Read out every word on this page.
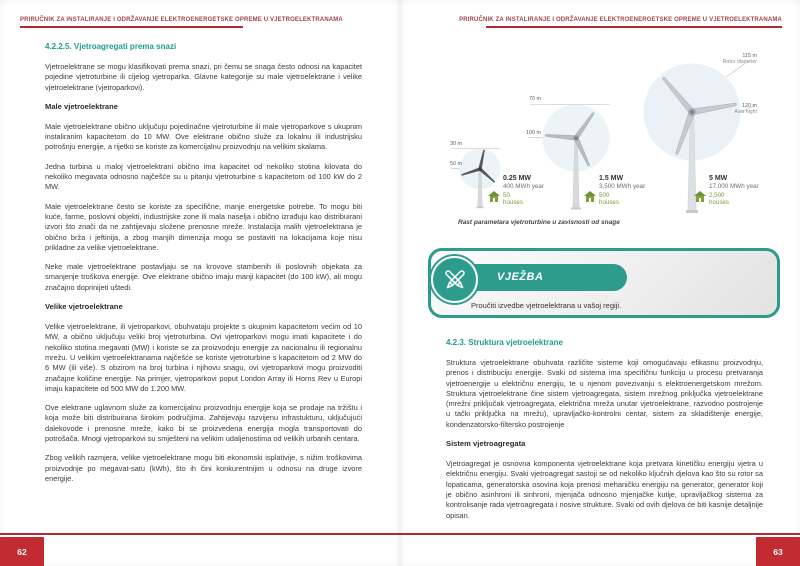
PRIRUČNIK ZA INSTALIRANJE I ODRŽAVANJE ELEKTROENERGETSKE OPREME U VJETROELEKTRANAMA
4.2.2.5. Vjetroagregati prema snazi

Vjetroelektrane se mogu klasifikovati prema snazi, pri čemu se snaga često odnosi na kapacitet pojedine vjetroturbine ili cijelog vjetroparka. Glavne kategorije su male vjetroelektrane i velike vjetroelektrane (vjetroparkovi).

Male vjetroelektrane

Male vjetroelektrane obično uključuju pojedinačne vjetroturbine ili male vjetroparkove s ukupnim instaliranim kapacitetom do 10 MW. Ove elektrane obično služe za lokalnu ili industrijsku potrošnju energije, a rijetko se koriste za komercijalnu proizvodnju na velikim skalama.

Jedna turbina u maloj vjetroelektrani obično ima kapacitet od nekoliko stotina kilovata do nekoliko megavata odnosno najčešće su u pitanju vjetroturbine s kapacitetom od 100 kW do 2 MW.

Male vjetroelektrane često se koriste za specifične, manje energetske potrebe. To mogu biti kuće, farme, poslovni objekti, industrijske zone ili mala naselja i obično izrađuju kao distribuirani izvori što znači da ne zahtijevaju složene prenosne mreže. Instalacija malih vjetroelektrana je obično brža i jeftinija, a zbog manjih dimenzija mogu se postaviti na lokacijama koje nisu prikladne za velike vjetroelektrane.

Neke male vjetroelektrane postavljaju se na krovove stambenih ili poslovnih objekata za smanjenje troškova energije. Ove elektrane obično imaju manji kapacitet (do 100 kW), ali mogu značajno doprinijeti uštedi.

Velike vjetroelektrane

Velike vjetroelektrane, ili vjetroparkovi, obuhvataju projekte s ukupnim kapacitetom većim od 10 MW, a obično uključuju veliki broj vjetroturbina. Ovi vjetroparkovi mogu imati kapacitete i do nekoliko stotina megavati (MW) i koriste se za proizvodnju energije za nacionalnu ili regionalnu mrežu. U velikim vjetroelektranama najčešće se koriste vjetroturbine s kapacitetom od 2 MW do 6 MW (ili više). S obzirom na broj turbina i njihovu snagu, ovi vjetroparkovi mogu proizvoditi značajne količine energije. Na primjer, vjetroparkovi poput London Array ili Horns Rev u Europi imaju kapacitete od 500 MW do 1.200 MW.

Ove elektrane uglavnom služe za komercijalnu proizvodnju energije koja se prodaje na tržištu i koja može biti distribuirana širokim područjima. Zahtijevaju razvijenu infrastukturu, uključujući dalekovode i prenosne mreže, kako bi se proizvedena energija mogla transportovati do potrošača. Mnogi vjetroparkovi su smješteni na velikim udaljenostima od velikih urbanih centara.

Zbog velikih razmjera, velike vjetroelektrane mogu biti ekonomski isplativije, s nižim troškovima proizvodnje po megavat-satu (kWh), što ih čini konkurentnijim u odnosu na druge izvore energije.

PRIRUČNIK ZA INSTALIRANJE I ODRŽAVANJE ELEKTROENERGETSKE OPREME U VJETROELEKTRANAMA
30 m
50 m
70 m
100 m
115 m
Rotor diameter
120 m
Axis hight
0.25 MW
400 MWh year
1.5 MW
3,500 MWh year
5 MW
17,000 MWh year
50
houses
500
houses
2,500
houses
Rast parametara vjetroturbine u zavisnosti od snage
VJEŽBA
Proučiti izvedbe vjetroelektrana u vašoj regiji.
4.2.3. Struktura vjetroelektrane

Struktura vjetroelektrane obuhvata različite sisteme koji omogućavaju efikasnu proizvodnju, prenos i distribuciju energije. Svaki od sistema ima specifičnu funkciju u procesu pretvaranja vjetroenergije u električnu energiju, te u njenom povezivanju s elektroenergetskom mrežom. Struktura vjetroelektrane čine sistem vjetroagregata, sistem mrežnog priključka vjetroelektrane (mrežni priključak vjetroagregata, električna mreža unutar vjetroelektrane, razvodno postrojenje u tački priključka na mrežu), upravljačko-kontrolni centar, sistem za skladištenje energije, kondenzatorsko-filtersko postrojenje

Sistem vjetroagregata

Vjetroagregat je osnovna komponenta vjetroelektrane koja pretvara kinetičku energiju vjetra u električnu energiju. Svaki vjetroagregat sastoji se od nekoliko ključnih djelova kao što su rotor sa lopaticama, generatorska osovina koja prenosi mehaničku energiju na generator, generator koji je obično asinhroni ili sinhroni, mjenjača odnosno mjenjačke kutije, upravljačkog sistema za kontrolisanje rada vjetroagregata i nosive strukture. Svaki od ovih djelova će biti kasnije detaljnije opisan.

62	63
